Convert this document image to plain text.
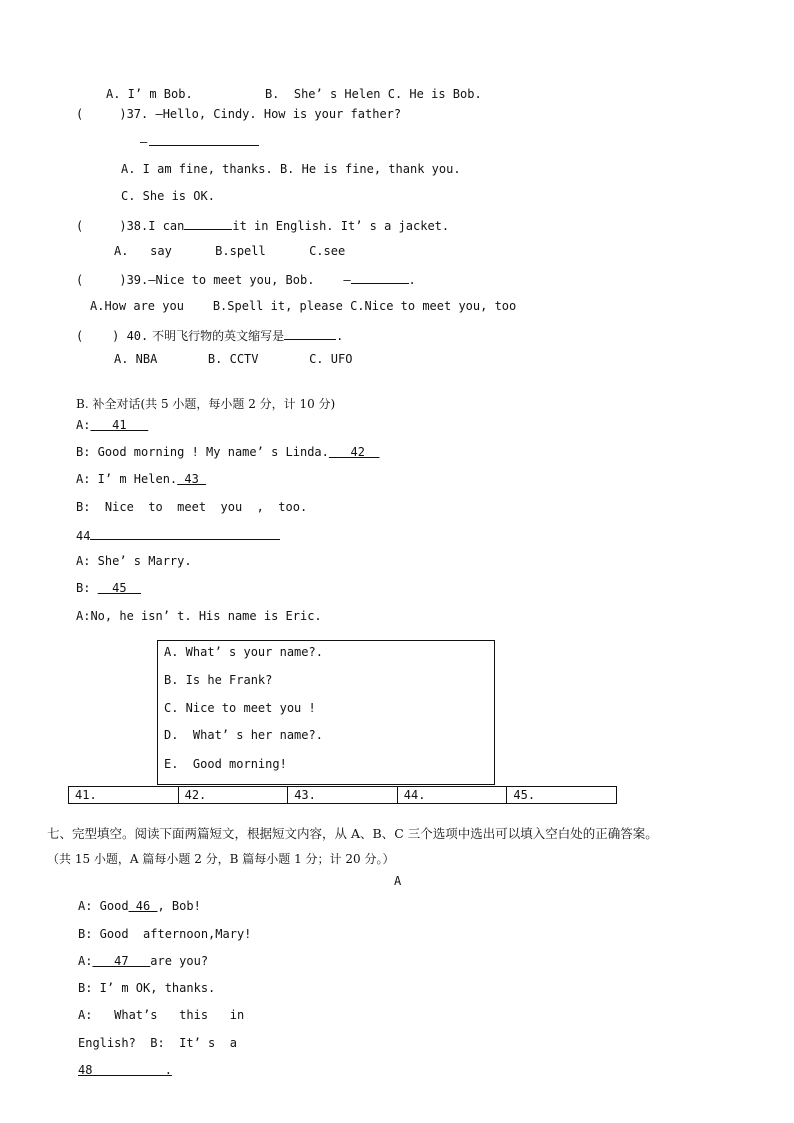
A. I’ m Bob.          B.  She’ s Helen C. He is Bob.
(     )37. —Hello, Cindy. How is your father?
—
A. I am fine, thanks. B. He is fine, thank you.
C. She is OK.
(     )38.I can	it in English. It’ s a jacket.
A.   say      B.spell      C.see
(     )39.—Nice to meet you, Bob.    —	.
A.How are you    B.Spell it, please C.Nice to meet you, too
(    ) 40. 不明飞行物的英文缩写是	.
A. NBA       B. CCTV       C. UFO
B. 补全对话(共 5 小题，每小题 2 分，计 10 分)
A:   41
B: Good morning ! My name’ s Linda.   42
A: I’ m Helen. 43
B:  Nice  to  meet  you  ,  too.
44
A: She’ s Marry.
B:   45
A:No, he isn’ t. His name is Eric.
A. What’ s your name?.
B. Is he Frank?
C. Nice to meet you !
D.  What’ s her name?.
E.  Good morning!
41.	42.	43.	44.	45.
七、完型填空。阅读下面两篇短文，根据短文内容，从 A、B、C 三个选项中选出可以填入空白处的正确答案。
（共 15 小题，A 篇每小题 2 分，B 篇每小题 1 分；计 20 分。）
A
A: Good 46 , Bob!
B: Good  afternoon,Mary!
A:   47   are you?
B: I’ m OK, thanks.
A:   What’s   this   in
English?  B:  It’ s  a
48          .
